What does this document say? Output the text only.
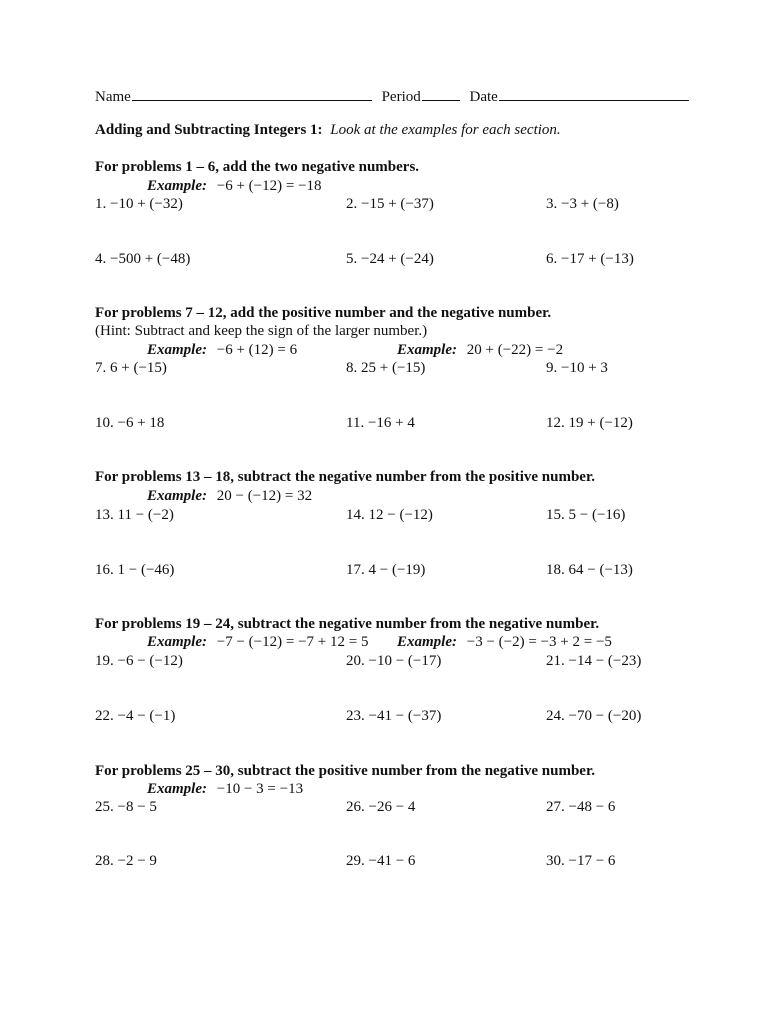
Name	Period	Date
Adding and Subtracting Integers 1: Look at the examples for each section.
For problems 1 – 6, add the two negative numbers.
Example: −6 + (−12) = −18
1. −10 + (−32)	2. −15 + (−37)	3. −3 + (−8)
4. −500 + (−48)	5. −24 + (−24)	6. −17 + (−13)
For problems 7 – 12, add the positive number and the negative number.
(Hint: Subtract and keep the sign of the larger number.)
Example: −6 + (12) = 6	Example: 20 + (−22) = −2
7. 6 + (−15)	8. 25 + (−15)	9. −10 + 3
10. −6 + 18	11. −16 + 4	12. 19 + (−12)
For problems 13 – 18, subtract the negative number from the positive number.
Example: 20 − (−12) = 32
13. 11 − (−2)	14. 12 − (−12)	15. 5 − (−16)
16. 1 − (−46)	17. 4 − (−19)	18. 64 − (−13)
For problems 19 – 24, subtract the negative number from the negative number.
Example: −7 − (−12) = −7 + 12 = 5 Example: −3 − (−2) = −3 + 2 = −5
19. −6 − (−12)	20. −10 − (−17)	21. −14 − (−23)
22. −4 − (−1)	23. −41 − (−37)	24. −70 − (−20)
For problems 25 – 30, subtract the positive number from the negative number.
Example: −10 − 3 = −13
25. −8 − 5	26. −26 − 4	27. −48 − 6
28. −2 − 9	29. −41 − 6	30. −17 − 6
